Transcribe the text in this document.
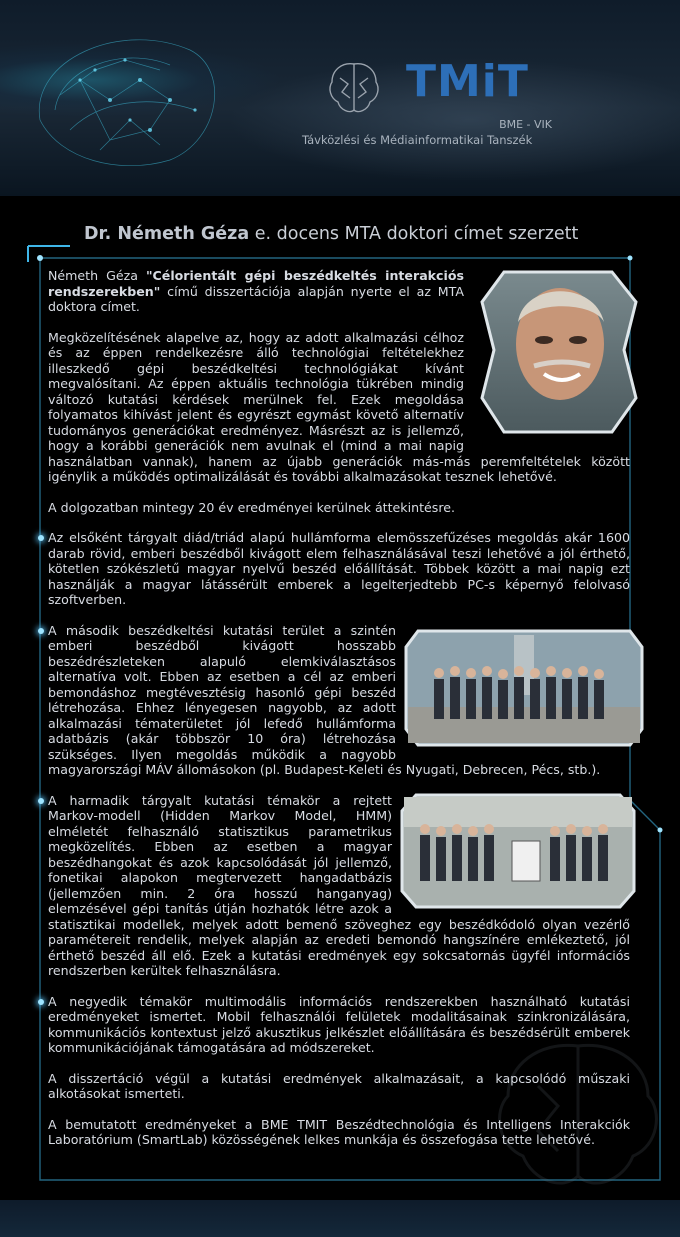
TMiT
BME - VIK
Távközlési és Médiainformatikai Tanszék
Dr. Németh Géza e. docens MTA doktori címet szerzett

Németh Géza "Célorientált gépi beszédkeltés interakciós rendszerekben" című disszertációja alapján nyerte el az MTA doktora címet.

Megközelítésének alapelve az, hogy az adott alkalmazási célhoz és az éppen rendelkezésre álló technológiai feltételekhez illeszkedő gépi beszédkeltési technológiákat kívánt megvalósítani. Az éppen aktuális technológia tükrében mindig változó kutatási kérdések merülnek fel. Ezek megoldása folyamatos kihívást jelent és egyrészt egymást követő alternatív tudományos generációkat eredményez. Másrészt az is jellemző, hogy a korábbi generációk nem avulnak el (mind a mai napig használatban vannak), hanem az újabb generációk más-más peremfeltételek között igénylik a működés optimalizálását és további alkalmazásokat tesznek lehetővé.

A dolgozatban mintegy 20 év eredményei kerülnek áttekintésre.

Az elsőként tárgyalt diád/triád alapú hullámforma elemösszefűzéses megoldás akár 1600 darab rövid, emberi beszédből kivágott elem felhasználásával teszi lehetővé a jól érthető, kötetlen szókészletű magyar nyelvű beszéd előállítását. Többek között a mai napig ezt használják a magyar látássérült emberek a legelterjedtebb PC-s képernyő felolvasó szoftverben.

A második beszédkeltési kutatási terület a szintén emberi beszédből kivágott hosszabb beszédrészleteken alapuló elemkiválasztásos alternatíva volt. Ebben az esetben a cél az emberi bemondáshoz megtévesztésig hasonló gépi beszéd létrehozása. Ehhez lényegesen nagyobb, az adott alkalmazási tématerületet jól lefedő hullámforma adatbázis (akár többször 10 óra) létrehozása szükséges. Ilyen megoldás működik a nagyobb magyarországi MÁV állomásokon (pl. Budapest-Keleti és Nyugati, Debrecen, Pécs, stb.).

A harmadik tárgyalt kutatási témakör a rejtett Markov-modell (Hidden Markov Model, HMM) elméletét felhasználó statisztikus parametrikus megközelítés. Ebben az esetben a magyar beszédhangokat és azok kapcsolódását jól jellemző, fonetikai alapokon megtervezett hangadatbázis (jellemzően min. 2 óra hosszú hanganyag) elemzésével gépi tanítás útján hozhatók létre azok a statisztikai modellek, melyek adott bemenő szöveghez egy beszédkódoló olyan vezérlő paramétereit rendelik, melyek alapján az eredeti bemondó hangszínére emlékeztető, jól érthető beszéd áll elő. Ezek a kutatási eredmények egy sokcsatornás ügyfél információs rendszerben kerültek felhasználásra.

A negyedik témakör multimodális információs rendszerekben használható kutatási eredményeket ismertet. Mobil felhasználói felületek modalitásainak szinkronizálására, kommunikációs kontextust jelző akusztikus jelkészlet előállítására és beszédsérült emberek kommunikációjának támogatására ad módszereket.

A disszertáció végül a kutatási eredmények alkalmazásait, a kapcsolódó műszaki alkotásokat ismerteti.

A bemutatott eredményeket a BME TMIT Beszédtechnológia és Intelligens Interakciók Laboratórium (SmartLab) közösségének lelkes munkája és összefogása tette lehetővé.
